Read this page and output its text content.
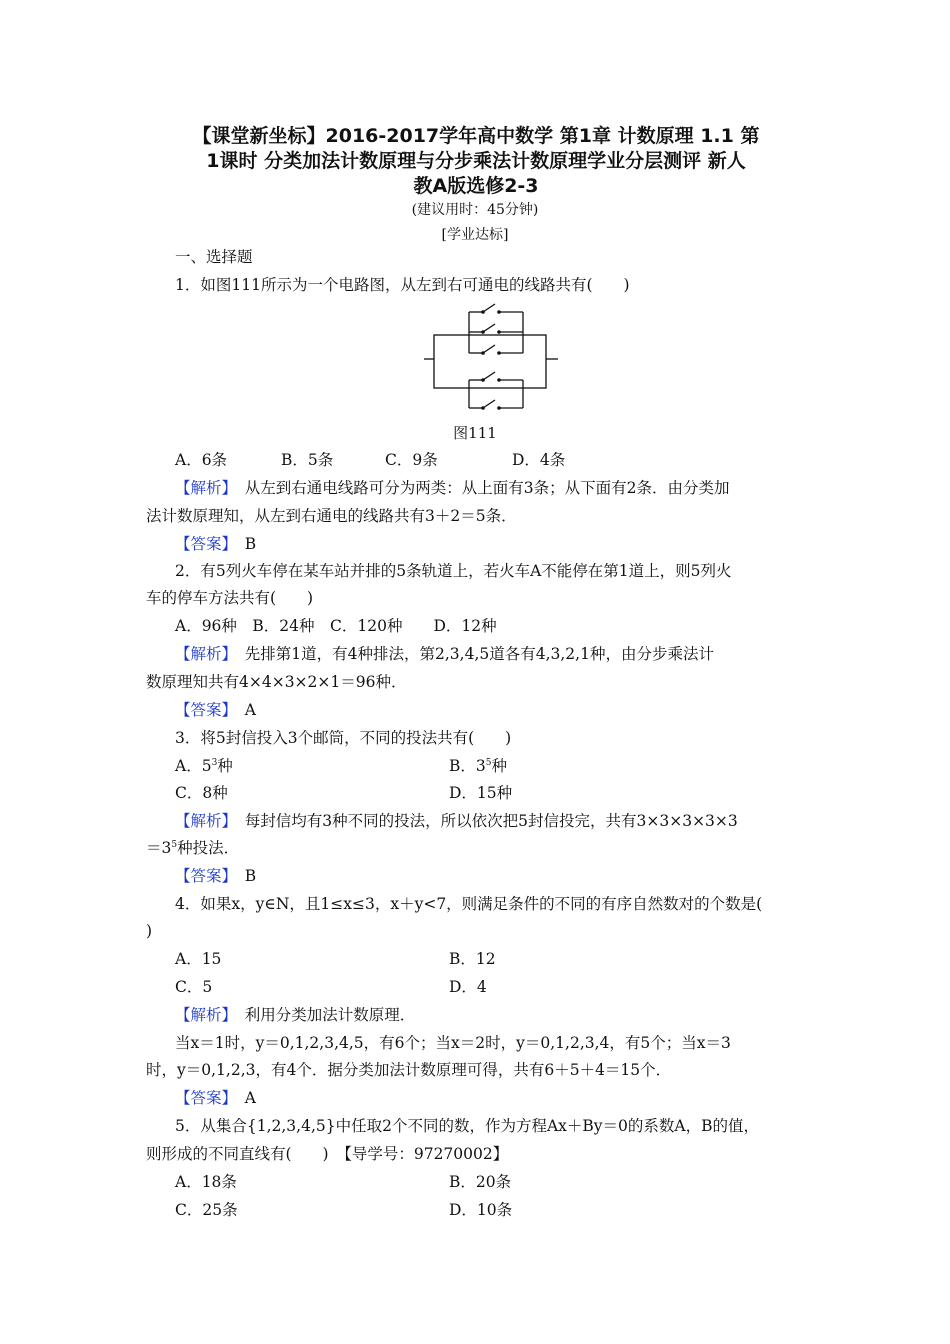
【课堂新坐标】2016-2017学年高中数学 第1章 计数原理 1.1 第
1课时 分类加法计数原理与分步乘法计数原理学业分层测评 新人
教A版选修2-3
(建议用时：45分钟)
[学业达标]
一、选择题
1．如图111所示为一个电路图，从左到右可通电的线路共有(　　)
图111
A．6条	B．5条	C．9条	D．4条
【解析】　 从左到右通电线路可分为两类：从上面有3条；从下面有2条．由分类加
法计数原理知，从左到右通电的线路共有3＋2＝5条．
【答案】　 B
2．有5列火车停在某车站并排的5条轨道上，若火车A不能停在第1道上，则5列火
车的停车方法共有(　　)
A．96种　B．24种　C．120种　　D．12种
【解析】　 先排第1道，有4种排法，第2,3,4,5道各有4,3,2,1种，由分步乘法计
数原理知共有4×4×3×2×1＝96种．
【答案】　 A
3．将5封信投入3个邮筒，不同的投法共有(　　)
A．$5^3$种	B．$3^5$种
C．8种	D．15种
【解析】　 每封信均有3种不同的投法，所以依次把5封信投完，共有3×3×3×3×3
$=3^5$种投法．
【答案】　 B
4．如果x，y∈N，且1≤x≤3，x＋y<7，则满足条件的不同的有序自然数对的个数是(
)
A．15	B．12
C．5	D．4
【解析】　 利用分类加法计数原理．
当x＝1时，y＝0,1,2,3,4,5，有6个；当x＝2时，y＝0,1,2,3,4，有5个；当x＝3
时，y＝0,1,2,3，有4个．据分类加法计数原理可得，共有6＋5＋4＝15个．
【答案】　 A
5．从集合{1,2,3,4,5}中任取2个不同的数，作为方程Ax＋By＝0的系数A，B的值，
则形成的不同直线有(　　)　【导学号：97270002】
A．18条	B．20条
C．25条	D．10条
